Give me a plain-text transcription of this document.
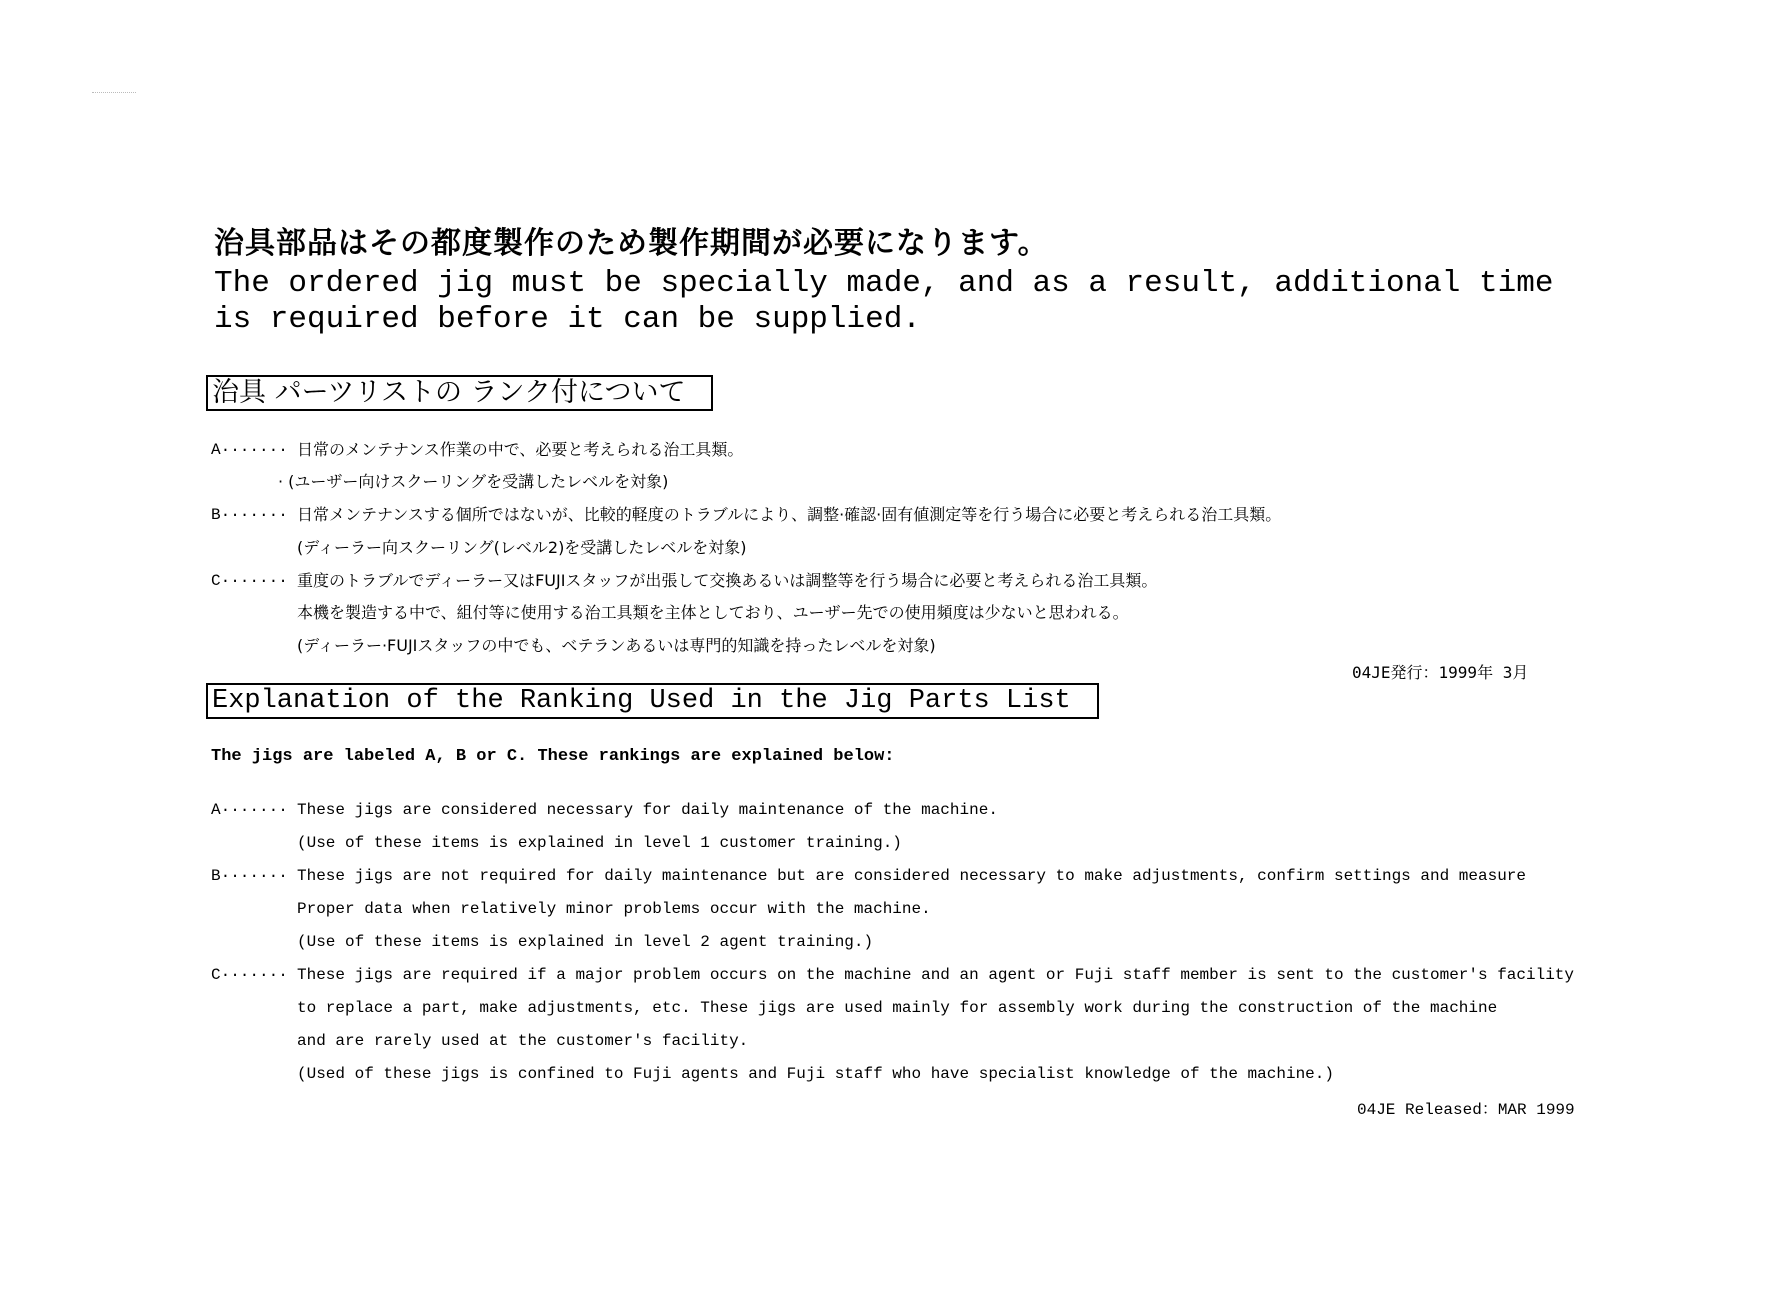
治具部品はその都度製作のため製作期間が必要になります。
The ordered jig must be specially made, and as a result, additional time is required before it can be supplied.
治具 パーツリストの ランク付について
A······· 日常のメンテナンス作業の中で、必要と考えられる治工具類。
· (ユーザー向けスクーリングを受講したレベルを対象)
B······· 日常メンテナンスする個所ではないが、比較的軽度のトラブルにより、調整·確認·固有値測定等を行う場合に必要と考えられる治工具類。
(ディーラー向スクーリング(レベル2)を受講したレベルを対象)
C······· 重度のトラブルでディーラー又はFUJIスタッフが出張して交換あるいは調整等を行う場合に必要と考えられる治工具類。
本機を製造する中で、組付等に使用する治工具類を主体としており、ユーザー先での使用頻度は少ないと思われる。
(ディーラー·FUJIスタッフの中でも、ベテランあるいは専門的知識を持ったレベルを対象)
04JE発行：1999年 3月
Explanation of the Ranking Used in the Jig Parts List
The jigs are labeled A, B or C. These rankings are explained below:
A······· These jigs are considered necessary for daily maintenance of the machine.
(Use of these items is explained in level 1 customer training.)
B······· These jigs are not required for daily maintenance but are considered necessary to make adjustments, confirm settings and measure
Proper data when relatively minor problems occur with the machine.
(Use of these items is explained in level 2 agent training.)
C······· These jigs are required if a major problem occurs on the machine and an agent or Fuji staff member is sent to the customer's facility
to replace a part, make adjustments, etc. These jigs are used mainly for assembly work during the construction of the machine
and are rarely used at the customer's facility.
(Used of these jigs is confined to Fuji agents and Fuji staff who have specialist knowledge of the machine.)
04JE Released：MAR 1999
